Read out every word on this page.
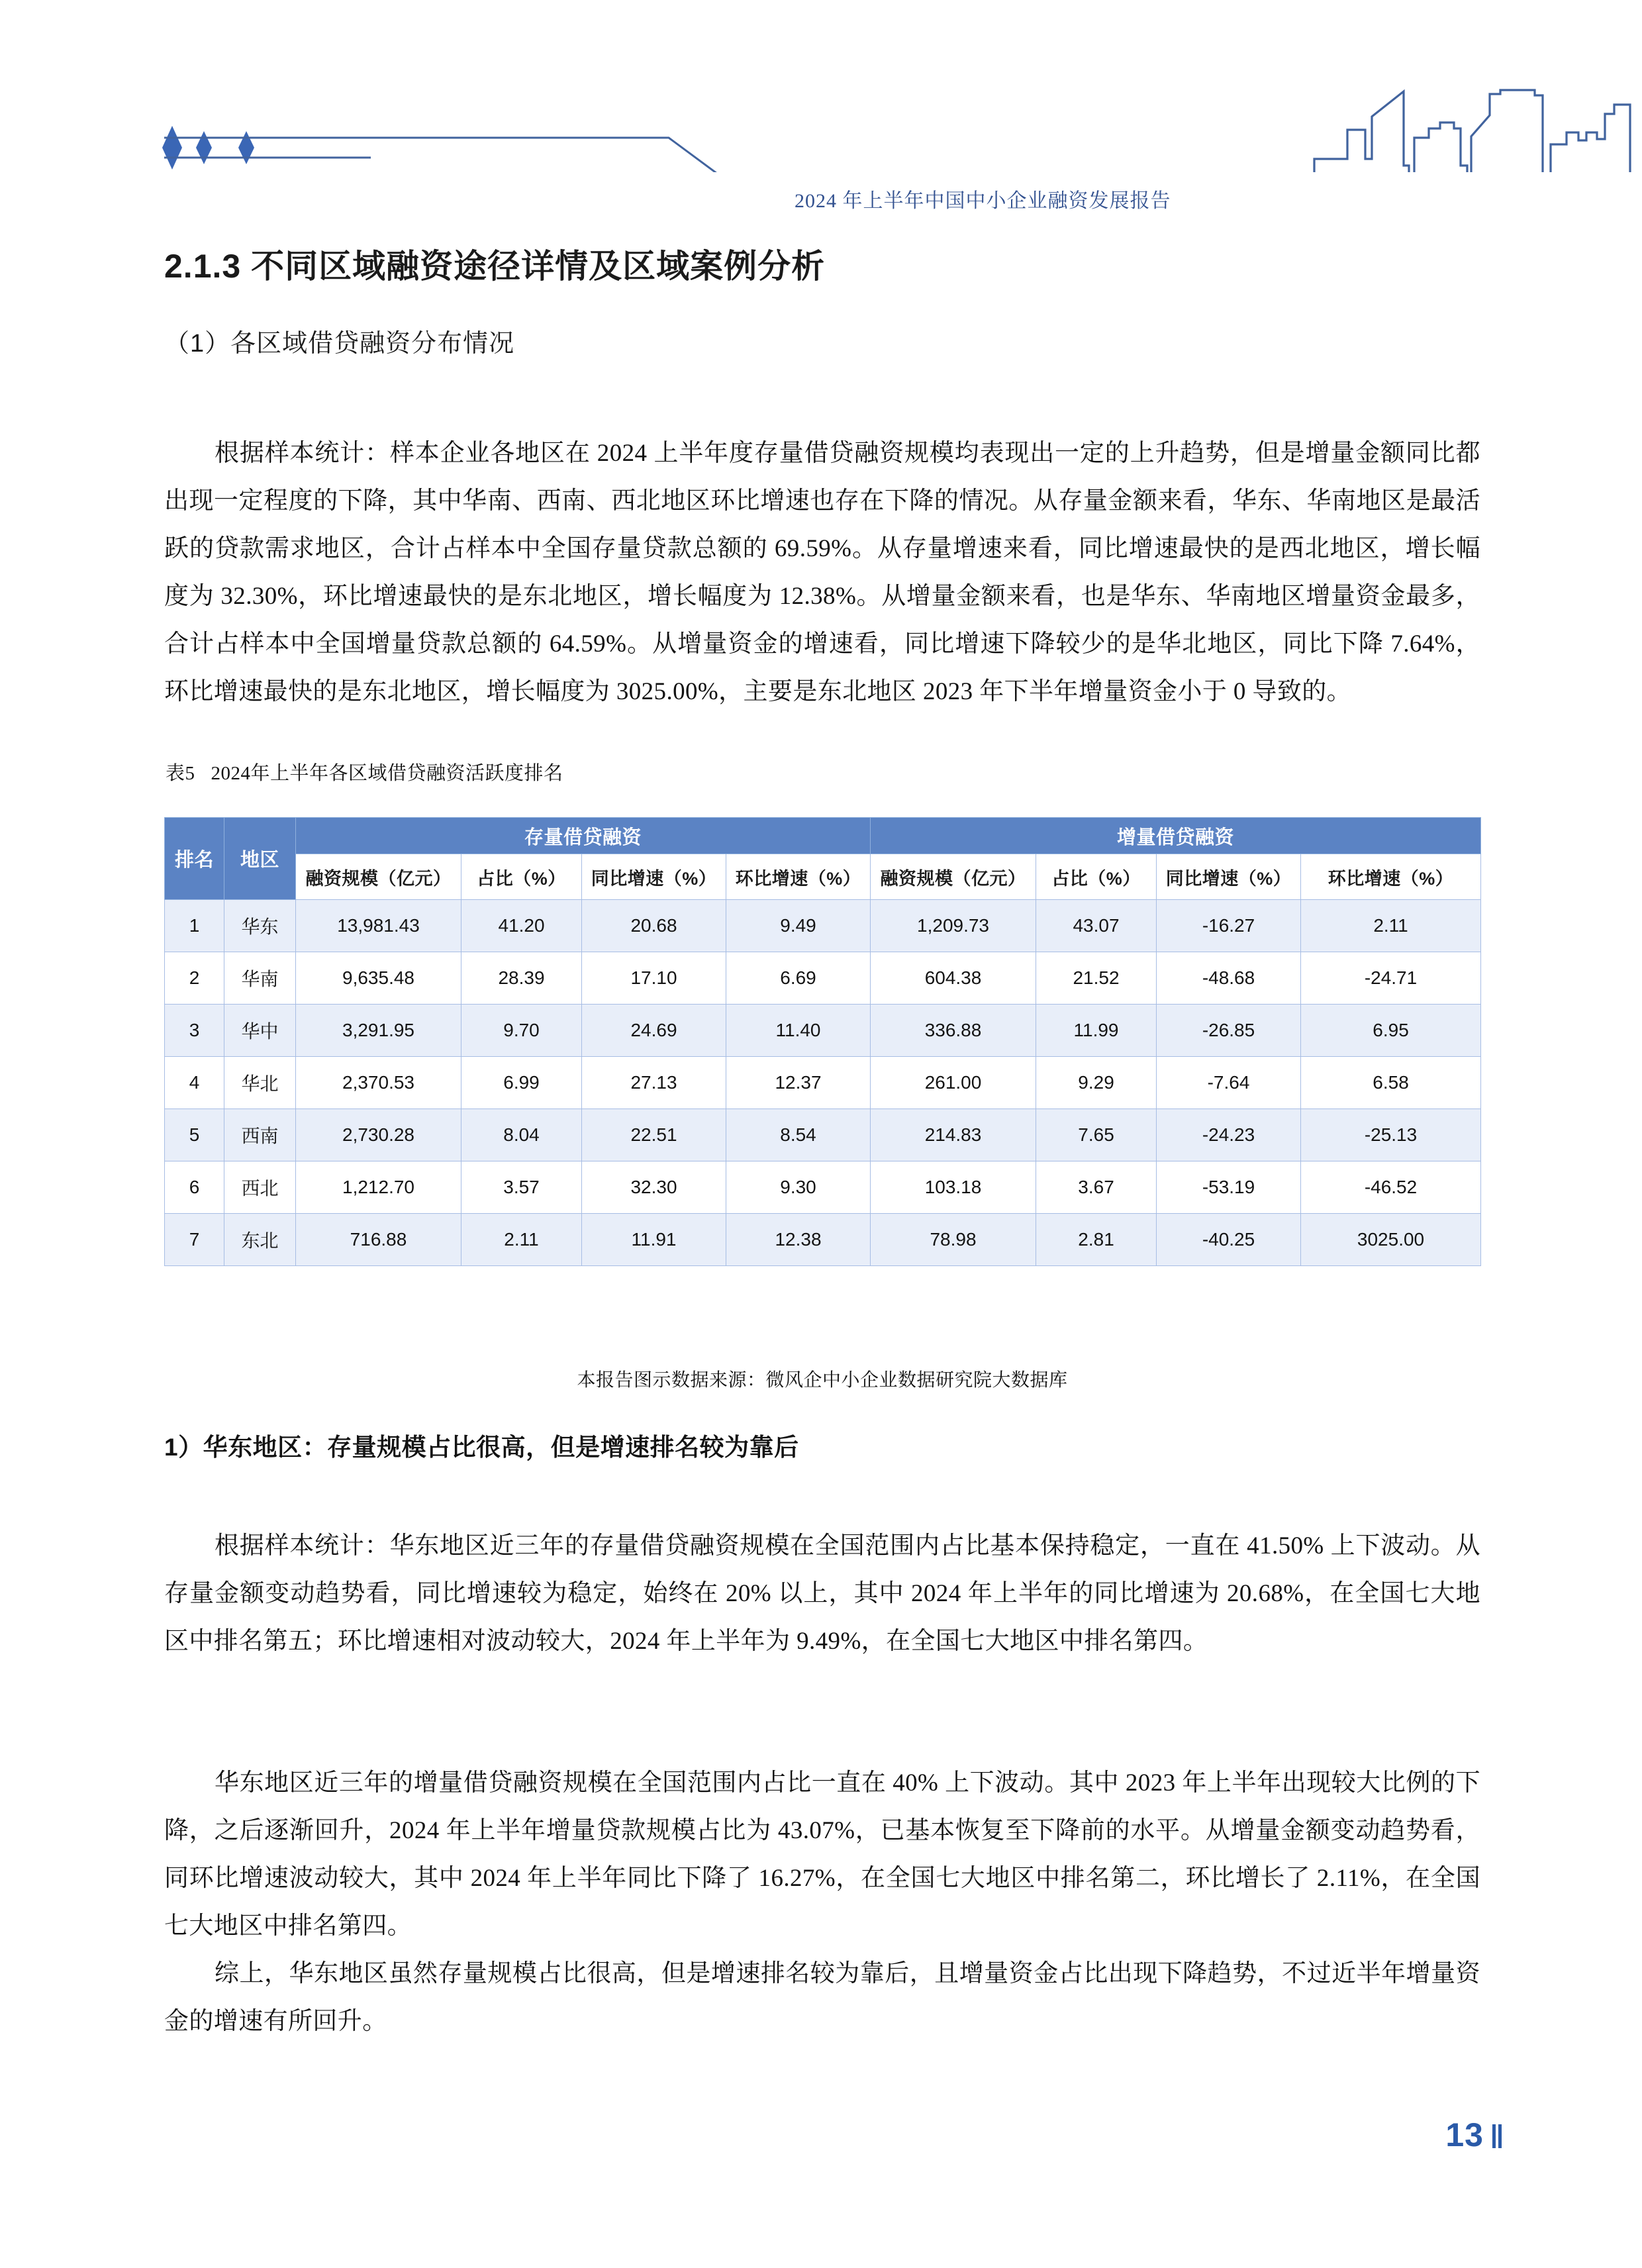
2024 年上半年中国中小企业融资发展报告
2.1.3 不同区域融资途径详情及区域案例分析
（1）各区域借贷融资分布情况

根据样本统计：样本企业各地区在 2024 上半年度存量借贷融资规模均表现出一定的上升趋势，但是增量金额同比都出现一定程度的下降，其中华南、西南、西北地区环比增速也存在下降的情况。从存量金额来看，华东、华南地区是最活跃的贷款需求地区，合计占样本中全国存量贷款总额的 69.59%。从存量增速来看，同比增速最快的是西北地区，增长幅度为 32.30%，环比增速最快的是东北地区，增长幅度为 12.38%。从增量金额来看，也是华东、华南地区增量资金最多，合计占样本中全国增量贷款总额的 64.59%。从增量资金的增速看，同比增速下降较少的是华北地区，同比下降 7.64%，环比增速最快的是东北地区，增长幅度为 3025.00%，主要是东北地区 2023 年下半年增量资金小于 0 导致的。

表5 2024年上半年各区域借贷融资活跃度排名
排名	地区	存量借贷融资				增量借贷融资			
		融资规模（亿元）	占比（%）	同比增速（%）	环比增速（%）	融资规模（亿元）	占比（%）	同比增速（%）	环比增速（%）
1	华东	13,981.43	41.20	20.68	9.49	1,209.73	43.07	-16.27	2.11
2	华南	9,635.48	28.39	17.10	6.69	604.38	21.52	-48.68	-24.71
3	华中	3,291.95	9.70	24.69	11.40	336.88	11.99	-26.85	6.95
4	华北	2,370.53	6.99	27.13	12.37	261.00	9.29	-7.64	6.58
5	西南	2,730.28	8.04	22.51	8.54	214.83	7.65	-24.23	-25.13
6	西北	1,212.70	3.57	32.30	9.30	103.18	3.67	-53.19	-46.52
7	东北	716.88	2.11	11.91	12.38	78.98	2.81	-40.25	3025.00
本报告图示数据来源：微风企中小企业数据研究院大数据库
1）华东地区：存量规模占比很高，但是增速排名较为靠后

根据样本统计：华东地区近三年的存量借贷融资规模在全国范围内占比基本保持稳定，一直在 41.50% 上下波动。从存量金额变动趋势看，同比增速较为稳定，始终在 20% 以上，其中 2024 年上半年的同比增速为 20.68%，在全国七大地区中排名第五；环比增速相对波动较大，2024 年上半年为 9.49%，在全国七大地区中排名第四。

华东地区近三年的增量借贷融资规模在全国范围内占比一直在 40% 上下波动。其中 2023 年上半年出现较大比例的下降，之后逐渐回升，2024 年上半年增量贷款规模占比为 43.07%，已基本恢复至下降前的水平。从增量金额变动趋势看，同环比增速波动较大，其中 2024 年上半年同比下降了 16.27%，在全国七大地区中排名第二，环比增长了 2.11%，在全国七大地区中排名第四。

综上，华东地区虽然存量规模占比很高，但是增速排名较为靠后，且增量资金占比出现下降趋势，不过近半年增量资金的增速有所回升。

13
